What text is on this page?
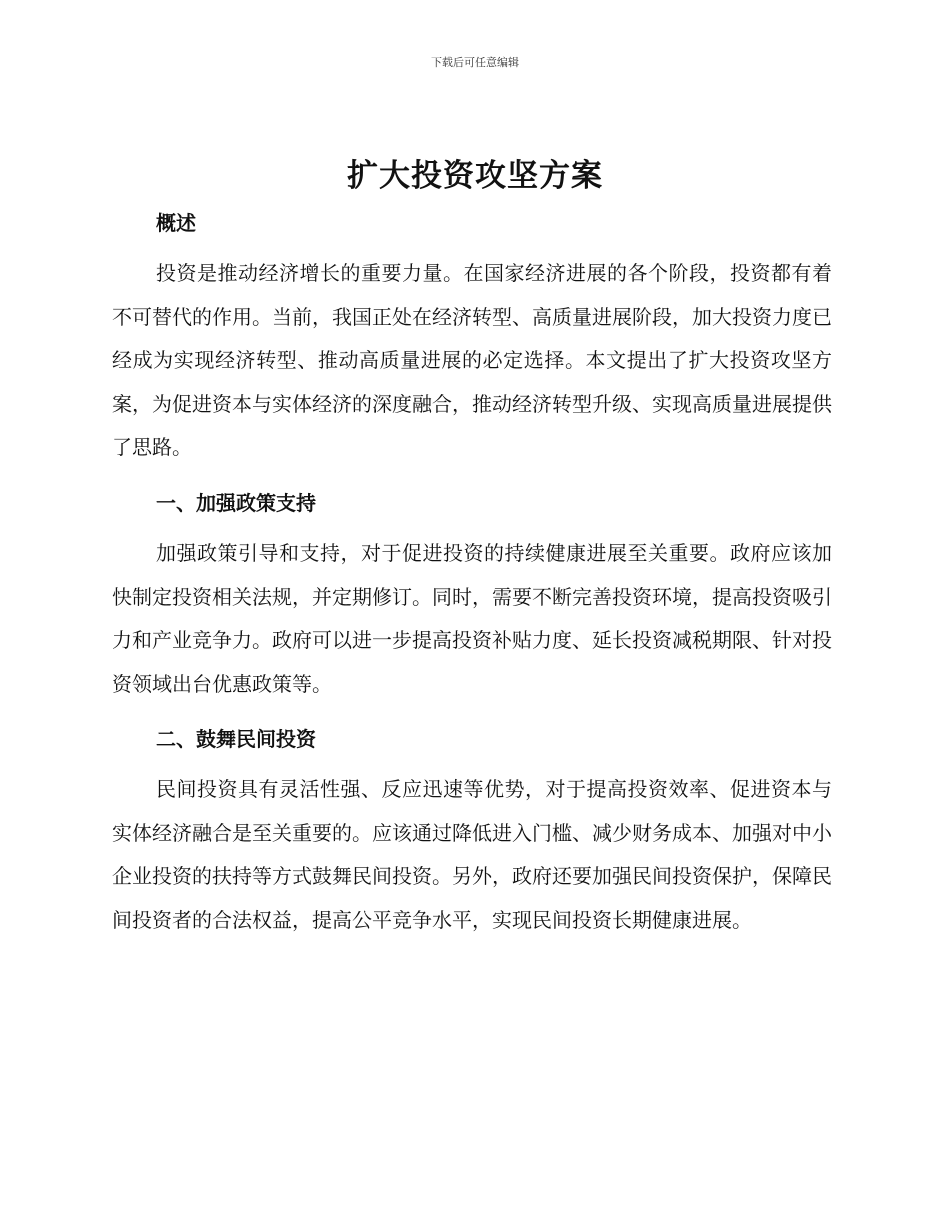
下载后可任意编辑
扩大投资攻坚方案
概述

投资是推动经济增长的重要力量。在国家经济进展的各个阶段，投资都有着不可替代的作用。当前，我国正处在经济转型、高质量进展阶段，加大投资力度已经成为实现经济转型、推动高质量进展的必定选择。本文提出了扩大投资攻坚方案，为促进资本与实体经济的深度融合，推动经济转型升级、实现高质量进展提供了思路。

一、加强政策支持

加强政策引导和支持，对于促进投资的持续健康进展至关重要。政府应该加快制定投资相关法规，并定期修订。同时，需要不断完善投资环境，提高投资吸引力和产业竞争力。政府可以进一步提高投资补贴力度、延长投资减税期限、针对投资领域出台优惠政策等。

二、鼓舞民间投资

民间投资具有灵活性强、反应迅速等优势，对于提高投资效率、促进资本与实体经济融合是至关重要的。应该通过降低进入门槛、减少财务成本、加强对中小企业投资的扶持等方式鼓舞民间投资。另外，政府还要加强民间投资保护，保障民间投资者的合法权益，提高公平竞争水平，实现民间投资长期健康进展。
